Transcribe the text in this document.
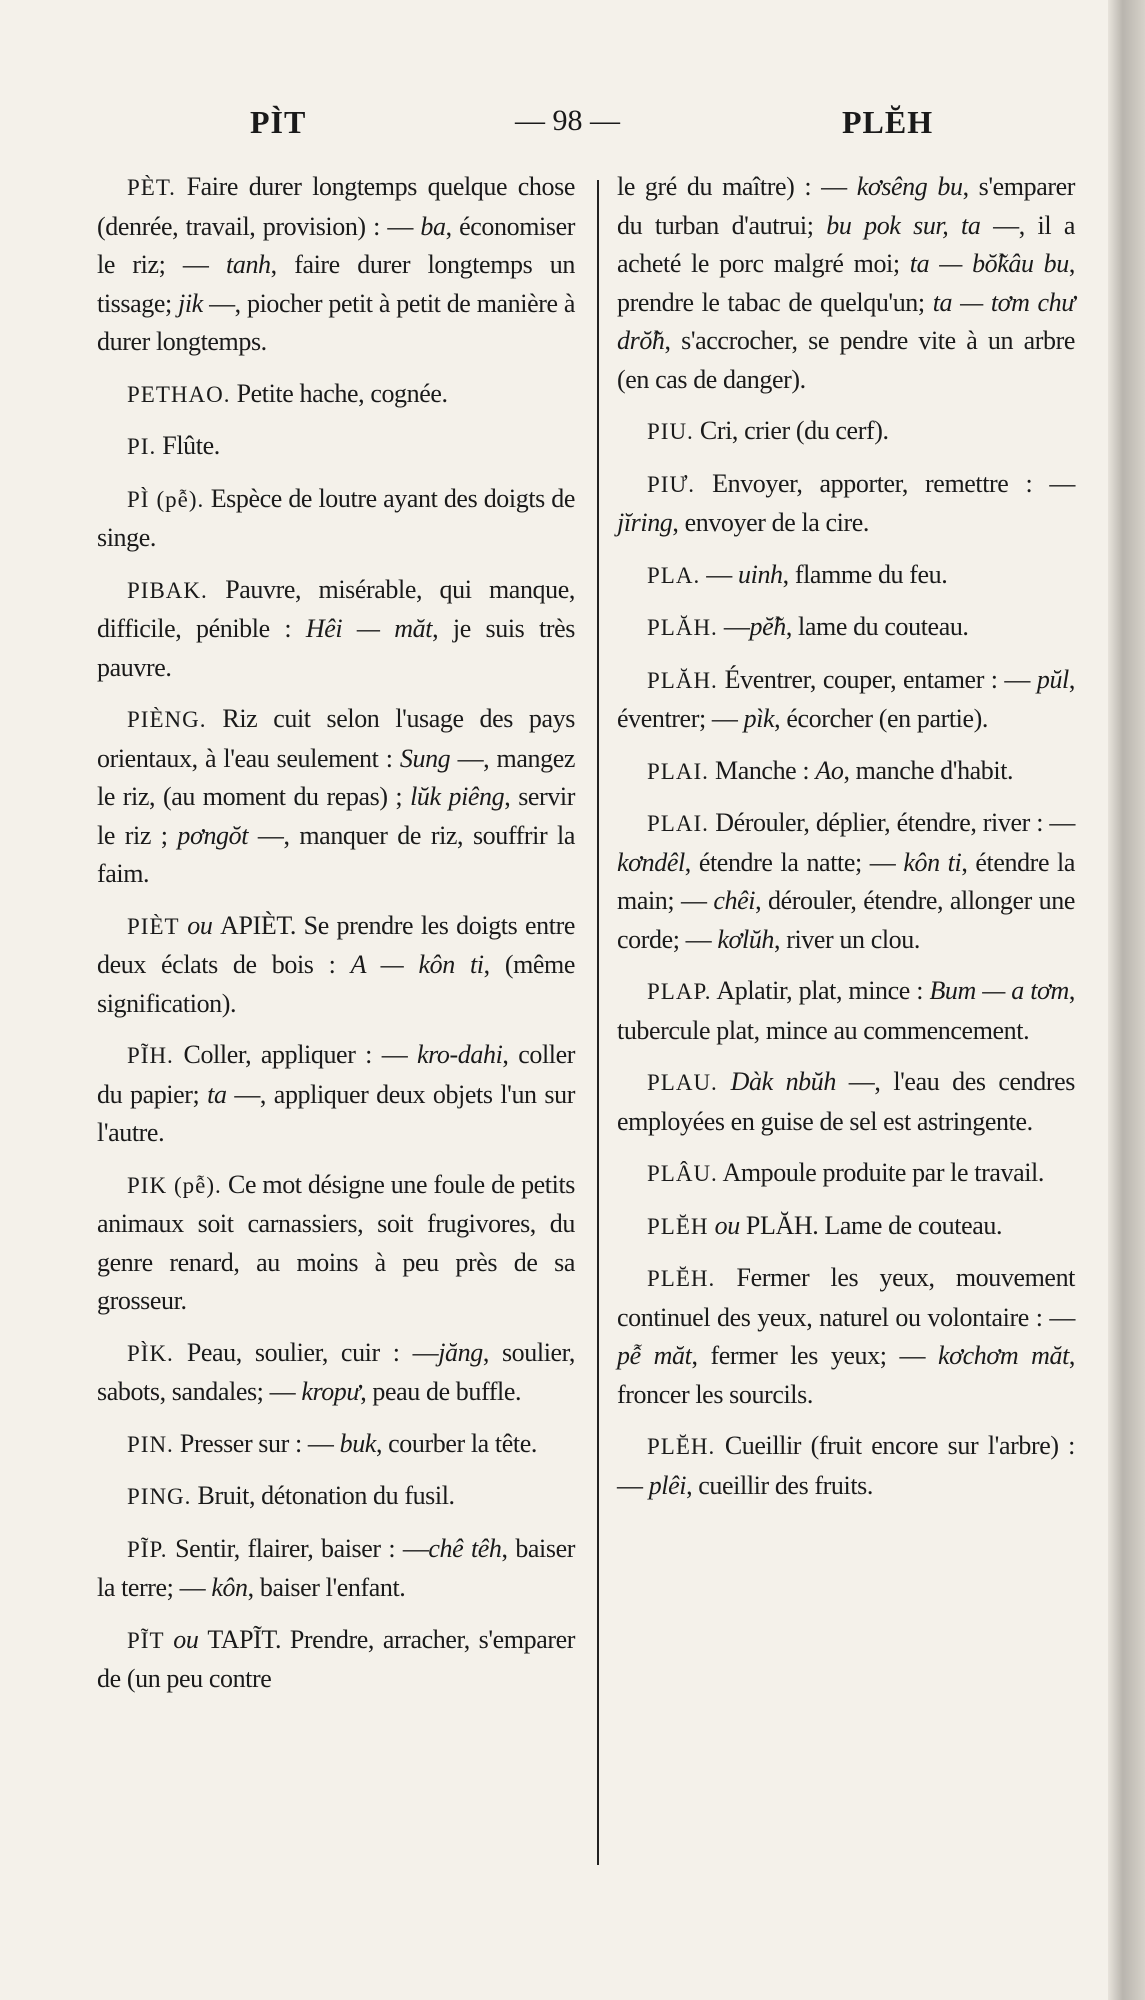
PÌT	— 98 —	PLĔH

PÈT. Faire durer longtemps quelque chose (denrée, travail, provision) : — ba, économiser le riz; — tanh, faire durer longtemps un tissage; jik —, piocher petit à petit de manière à durer longtemps.

PETHAO. Petite hache, cognée.

PI. Flûte.

PÌ (pễ). Espèce de loutre ayant des doigts de singe.

PIBAK. Pauvre, misérable, qui manque, difficile, pénible : Hêi — măt, je suis très pauvre.

PIÈNG. Riz cuit selon l'usage des pays orientaux, à l'eau seulement : Sung —, mangez le riz, (au moment du repas) ; lŭk piêng, servir le riz ; pơngŏt —, manquer de riz, souffrir la faim.

PIÈT ou APIÈT. Se prendre les doigts entre deux éclats de bois : A — kôn ti, (même signification).

PĨH. Coller, appliquer : — kro-dahi, coller du papier; ta —, appliquer deux objets l'un sur l'autre.

PIK (pễ). Ce mot désigne une foule de petits animaux soit carnassiers, soit frugivores, du genre renard, au moins à peu près de sa grosseur.

PÌK. Peau, soulier, cuir : —jăng, soulier, sabots, sandales; — kropư, peau de buffle.

PIN. Presser sur : — buk, courber la tête.

PING. Bruit, détonation du fusil.

PĨP. Sentir, flairer, baiser : —chê têh, baiser la terre; — kôn, baiser l'enfant.

PĨT ou TAPĨT. Prendre, arracher, s'emparer de (un peu contre

le gré du maître) : — kơsêng bu, s'emparer du turban d'autrui; bu pok sur, ta —, il a acheté le porc malgré moi; ta — bŏ̃kâu bu, prendre le tabac de quelqu'un; ta — tơm chư drŏ̃h, s'accrocher, se pendre vite à un arbre (en cas de danger).

PIU. Cri, crier (du cerf).

PIƯ. Envoyer, apporter, remettre : —jĭring, envoyer de la cire.

PLA. — uinh, flamme du feu.

PLĂH. —pĕ̃h, lame du couteau.

PLĂH. Éventrer, couper, entamer : — pŭl, éventrer; — pìk, écorcher (en partie).

PLAI. Manche : Ao, manche d'habit.

PLAI. Dérouler, déplier, étendre, river : — kơndêl, étendre la natte; — kôn ti, étendre la main; — chêi, dérouler, étendre, allonger une corde; — kơlŭh, river un clou.

PLAP. Aplatir, plat, mince : Bum — a tơm, tubercule plat, mince au commencement.

PLAU. Dàk nbŭh —, l'eau des cendres employées en guise de sel est astringente.

PLÂU. Ampoule produite par le travail.

PLĔH ou PLĂH. Lame de couteau.

PLĔH. Fermer les yeux, mouvement continuel des yeux, naturel ou volontaire : — pễ măt, fermer les yeux; — kơchơm măt, froncer les sourcils.

PLĔH. Cueillir (fruit encore sur l'arbre) : — plêi, cueillir des fruits.
